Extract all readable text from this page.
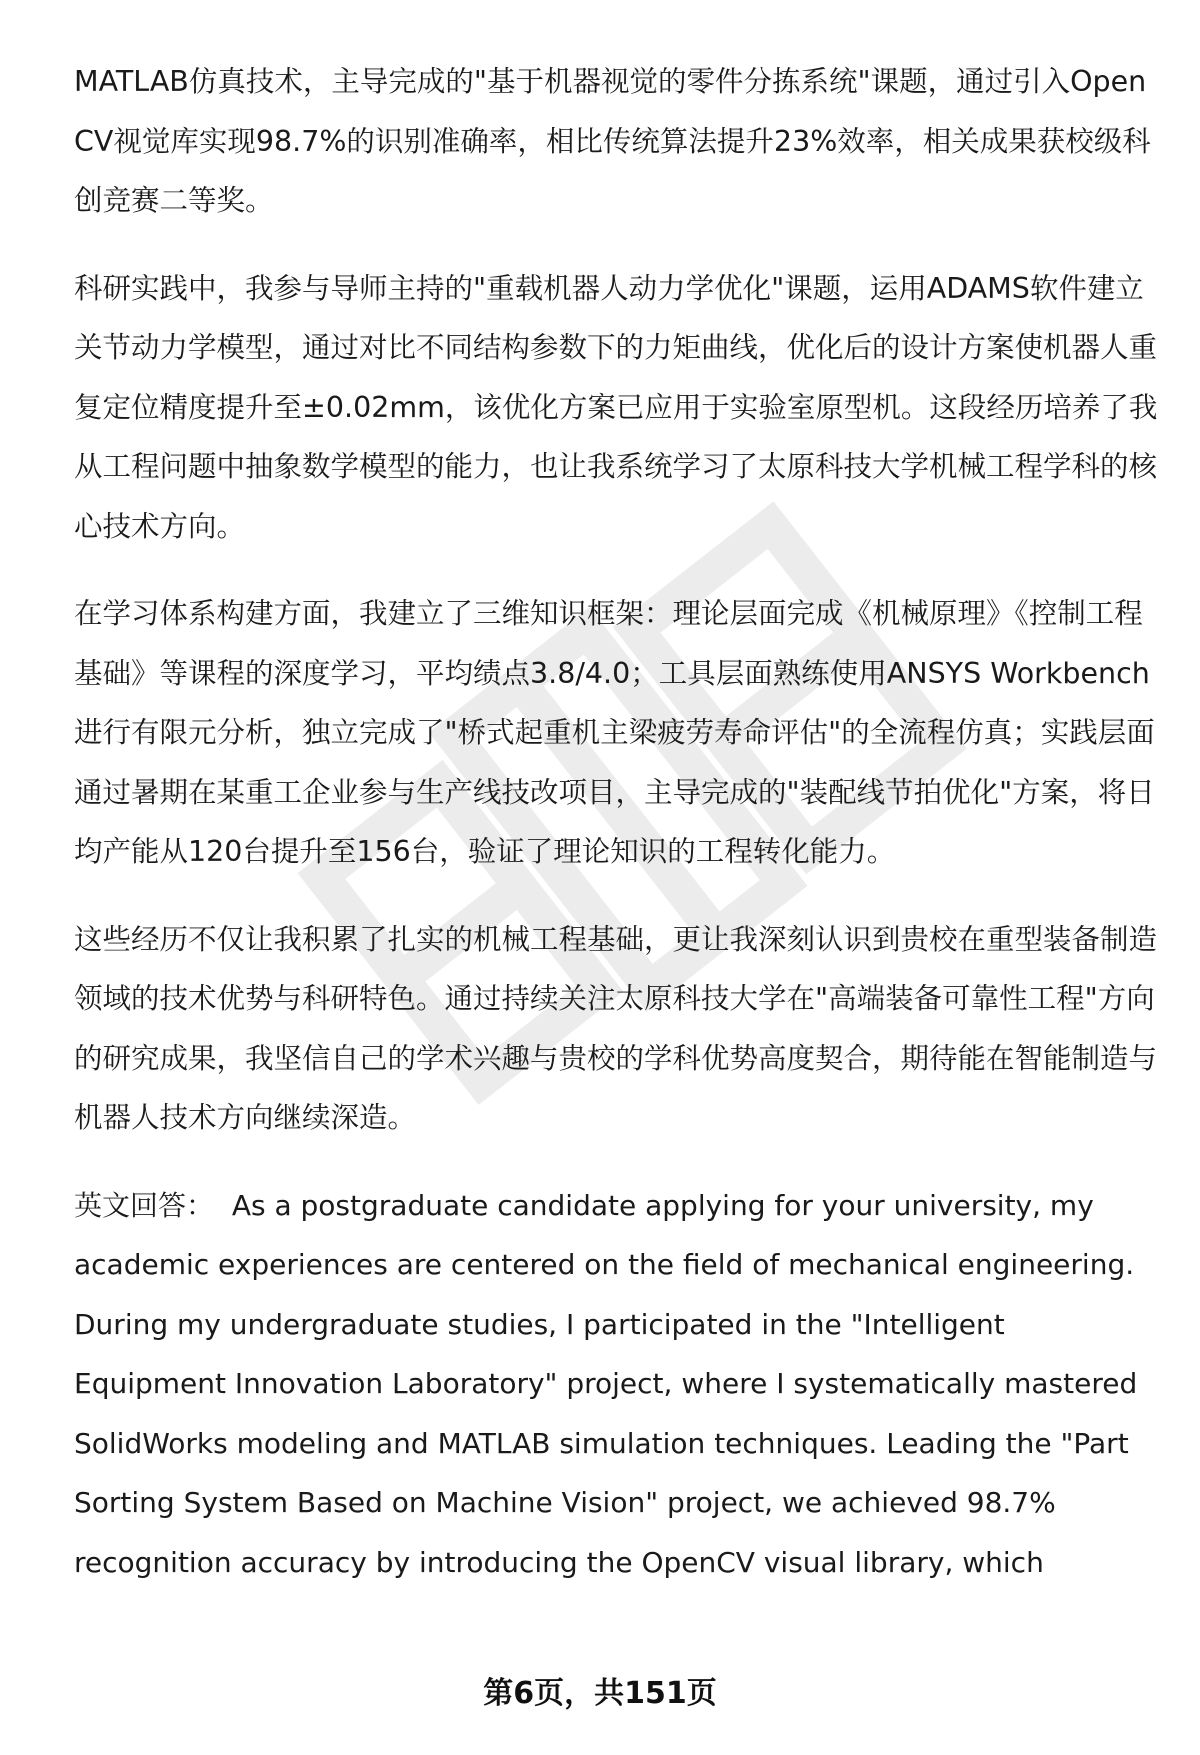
MATLAB仿真技术，主导完成的"基于机器视觉的零件分拣系统"课题，通过引入OpenCV视觉库实现98.7%的识别准确率，相比传统算法提升23%效率，相关成果获校级科创竞赛二等奖。

科研实践中，我参与导师主持的"重载机器人动力学优化"课题，运用ADAMS软件建立关节动力学模型，通过对比不同结构参数下的力矩曲线，优化后的设计方案使机器人重复定位精度提升至±0.02mm，该优化方案已应用于实验室原型机。这段经历培养了我从工程问题中抽象数学模型的能力，也让我系统学习了太原科技大学机械工程学科的核心技术方向。

在学习体系构建方面，我建立了三维知识框架：理论层面完成《机械原理》《控制工程基础》等课程的深度学习，平均绩点3.8/4.0；工具层面熟练使用ANSYS Workbench进行有限元分析，独立完成了"桥式起重机主梁疲劳寿命评估"的全流程仿真；实践层面通过暑期在某重工企业参与生产线技改项目，主导完成的"装配线节拍优化"方案，将日均产能从120台提升至156台，验证了理论知识的工程转化能力。

这些经历不仅让我积累了扎实的机械工程基础，更让我深刻认识到贵校在重型装备制造领域的技术优势与科研特色。通过持续关注太原科技大学在"高端装备可靠性工程"方向的研究成果，我坚信自己的学术兴趣与贵校的学科优势高度契合，期待能在智能制造与机器人技术方向继续深造。

英文回答： As a postgraduate candidate applying for your university, my academic experiences are centered on the field of mechanical engineering. During my undergraduate studies, I participated in the "Intelligent Equipment Innovation Laboratory" project, where I systematically mastered SolidWorks modeling and MATLAB simulation techniques. Leading the "Part Sorting System Based on Machine Vision" project, we achieved 98.7% recognition accuracy by introducing the OpenCV visual library, which

第6页，共151页
